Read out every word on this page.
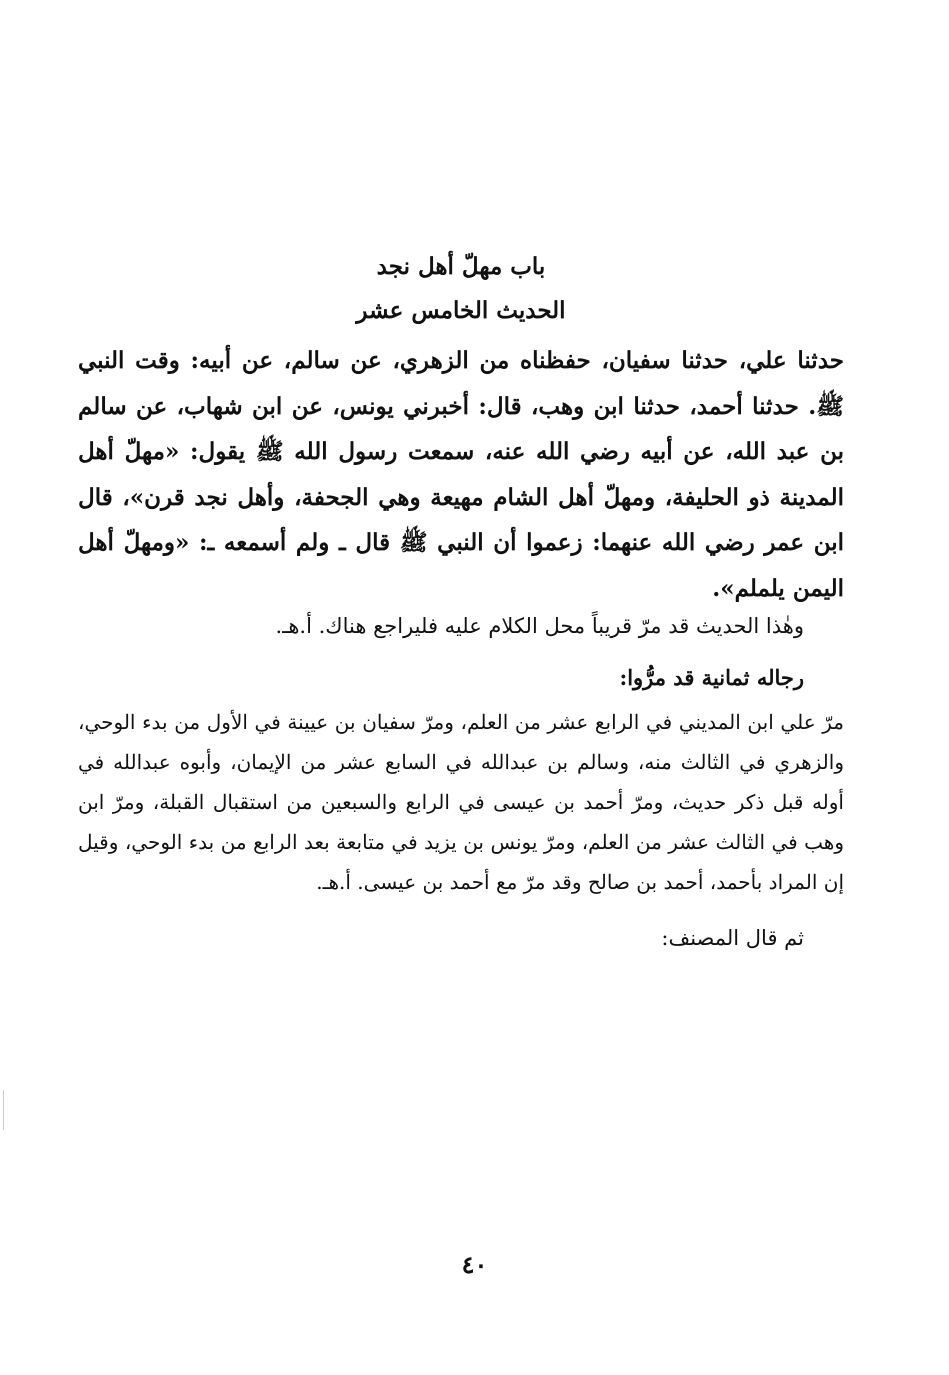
باب مهلّ أهل نجد
الحديث الخامس عشر
حدثنا علي، حدثنا سفيان، حفظناه من الزهري، عن سالم، عن أبيه: وقت النبي ﷺ. حدثنا أحمد، حدثنا ابن وهب، قال: أخبرني يونس، عن ابن شهاب، عن سالم بن عبد الله، عن أبيه رضي الله عنه، سمعت رسول الله ﷺ يقول: «مهلّ أهل المدينة ذو الحليفة، ومهلّ أهل الشام مهيعة وهي الجحفة، وأهل نجد قرن»، قال ابن عمر رضي الله عنهما: زعموا أن النبي ﷺ قال ـ ولم أسمعه ـ: «ومهلّ أهل اليمن يلملم».
وهٰذا الحديث قد مرّ قريباً محل الكلام عليه فليراجع هناك. أ.هـ.
رجاله ثمانية قد مرُّوا:
مرّ علي ابن المديني في الرابع عشر من العلم، ومرّ سفيان بن عيينة في الأول من بدء الوحي، والزهري في الثالث منه، وسالم بن عبدالله في السابع عشر من الإيمان، وأبوه عبدالله في أوله قبل ذكر حديث، ومرّ أحمد بن عيسى في الرابع والسبعين من استقبال القبلة، ومرّ ابن وهب في الثالث عشر من العلم، ومرّ يونس بن يزيد في متابعة بعد الرابع من بدء الوحي، وقيل إن المراد بأحمد، أحمد بن صالح وقد مرّ مع أحمد بن عيسى. أ.هـ.
ثم قال المصنف:
٤٠
